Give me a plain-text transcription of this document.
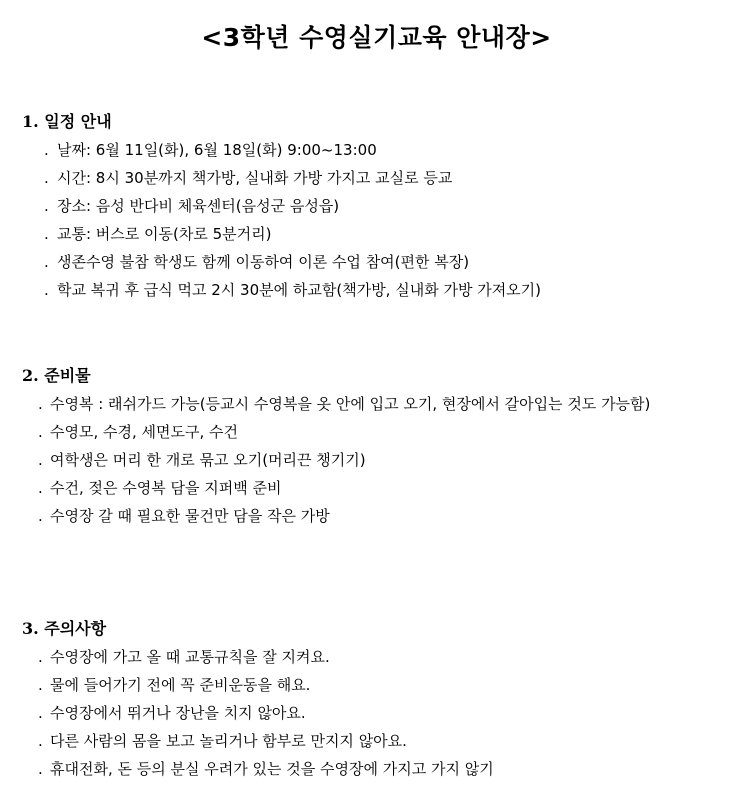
<3학년 수영실기교육 안내장>
1. 일정 안내
. 날짜: 6월 11일(화), 6월 18일(화) 9:00~13:00
. 시간: 8시 30분까지 책가방, 실내화 가방 가지고 교실로 등교
. 장소: 음성 반다비 체육센터(음성군 음성읍)
. 교통: 버스로 이동(차로 5분거리)
. 생존수영 불참 학생도 함께 이동하여 이론 수업 참여(편한 복장)
. 학교 복귀 후 급식 먹고 2시 30분에 하교함(책가방, 실내화 가방 가져오기)
2. 준비물
. 수영복 : 래쉬가드 가능(등교시 수영복을 옷 안에 입고 오기, 현장에서 갈아입는 것도 가능함)
. 수영모, 수경, 세면도구, 수건
. 여학생은 머리 한 개로 묶고 오기(머리끈 챙기기)
. 수건, 젖은 수영복 담을 지퍼백 준비
. 수영장 갈 때 필요한 물건만 담을 작은 가방
3. 주의사항
. 수영장에 가고 올 때 교통규칙을 잘 지켜요.
. 물에 들어가기 전에 꼭 준비운동을 해요.
. 수영장에서 뛰거나 장난을 치지 않아요.
. 다른 사람의 몸을 보고 놀리거나 함부로 만지지 않아요.
. 휴대전화, 돈 등의 분실 우려가 있는 것을 수영장에 가지고 가지 않기
